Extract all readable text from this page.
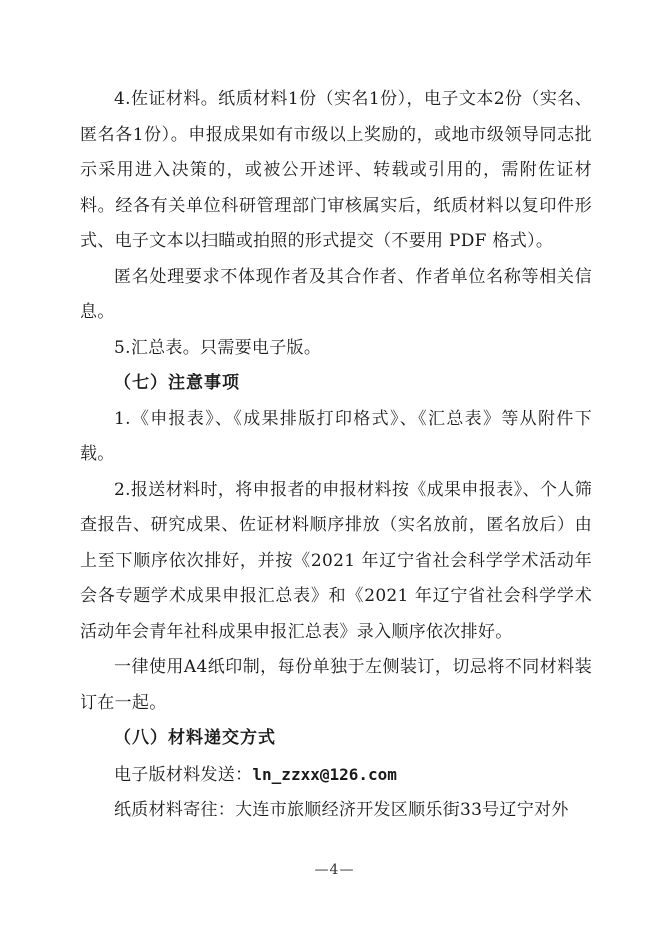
4.佐证材料。纸质材料1份（实名1份），电子文本2份（实名、匿名各1份）。申报成果如有市级以上奖励的，或地市级领导同志批示采用进入决策的，或被公开述评、转载或引用的，需附佐证材料。经各有关单位科研管理部门审核属实后，纸质材料以复印件形式、电子文本以扫瞄或拍照的形式提交（不要用 PDF 格式）。

匿名处理要求不体现作者及其合作者、作者单位名称等相关信息。

5.汇总表。只需要电子版。

（七）注意事项

1.《申报表》、《成果排版打印格式》、《汇总表》等从附件下载。

2.报送材料时，将申报者的申报材料按《成果申报表》、个人筛查报告、研究成果、佐证材料顺序排放（实名放前，匿名放后）由上至下顺序依次排好，并按《2021 年辽宁省社会科学学术活动年会各专题学术成果申报汇总表》和《2021 年辽宁省社会科学学术活动年会青年社科成果申报汇总表》录入顺序依次排好。

一律使用A4纸印制，每份单独于左侧装订，切忌将不同材料装订在一起。

（八）材料递交方式

电子版材料发送：ln_zzxx@126.com

纸质材料寄往：大连市旅顺经济开发区顺乐街33号辽宁对外

—4—
